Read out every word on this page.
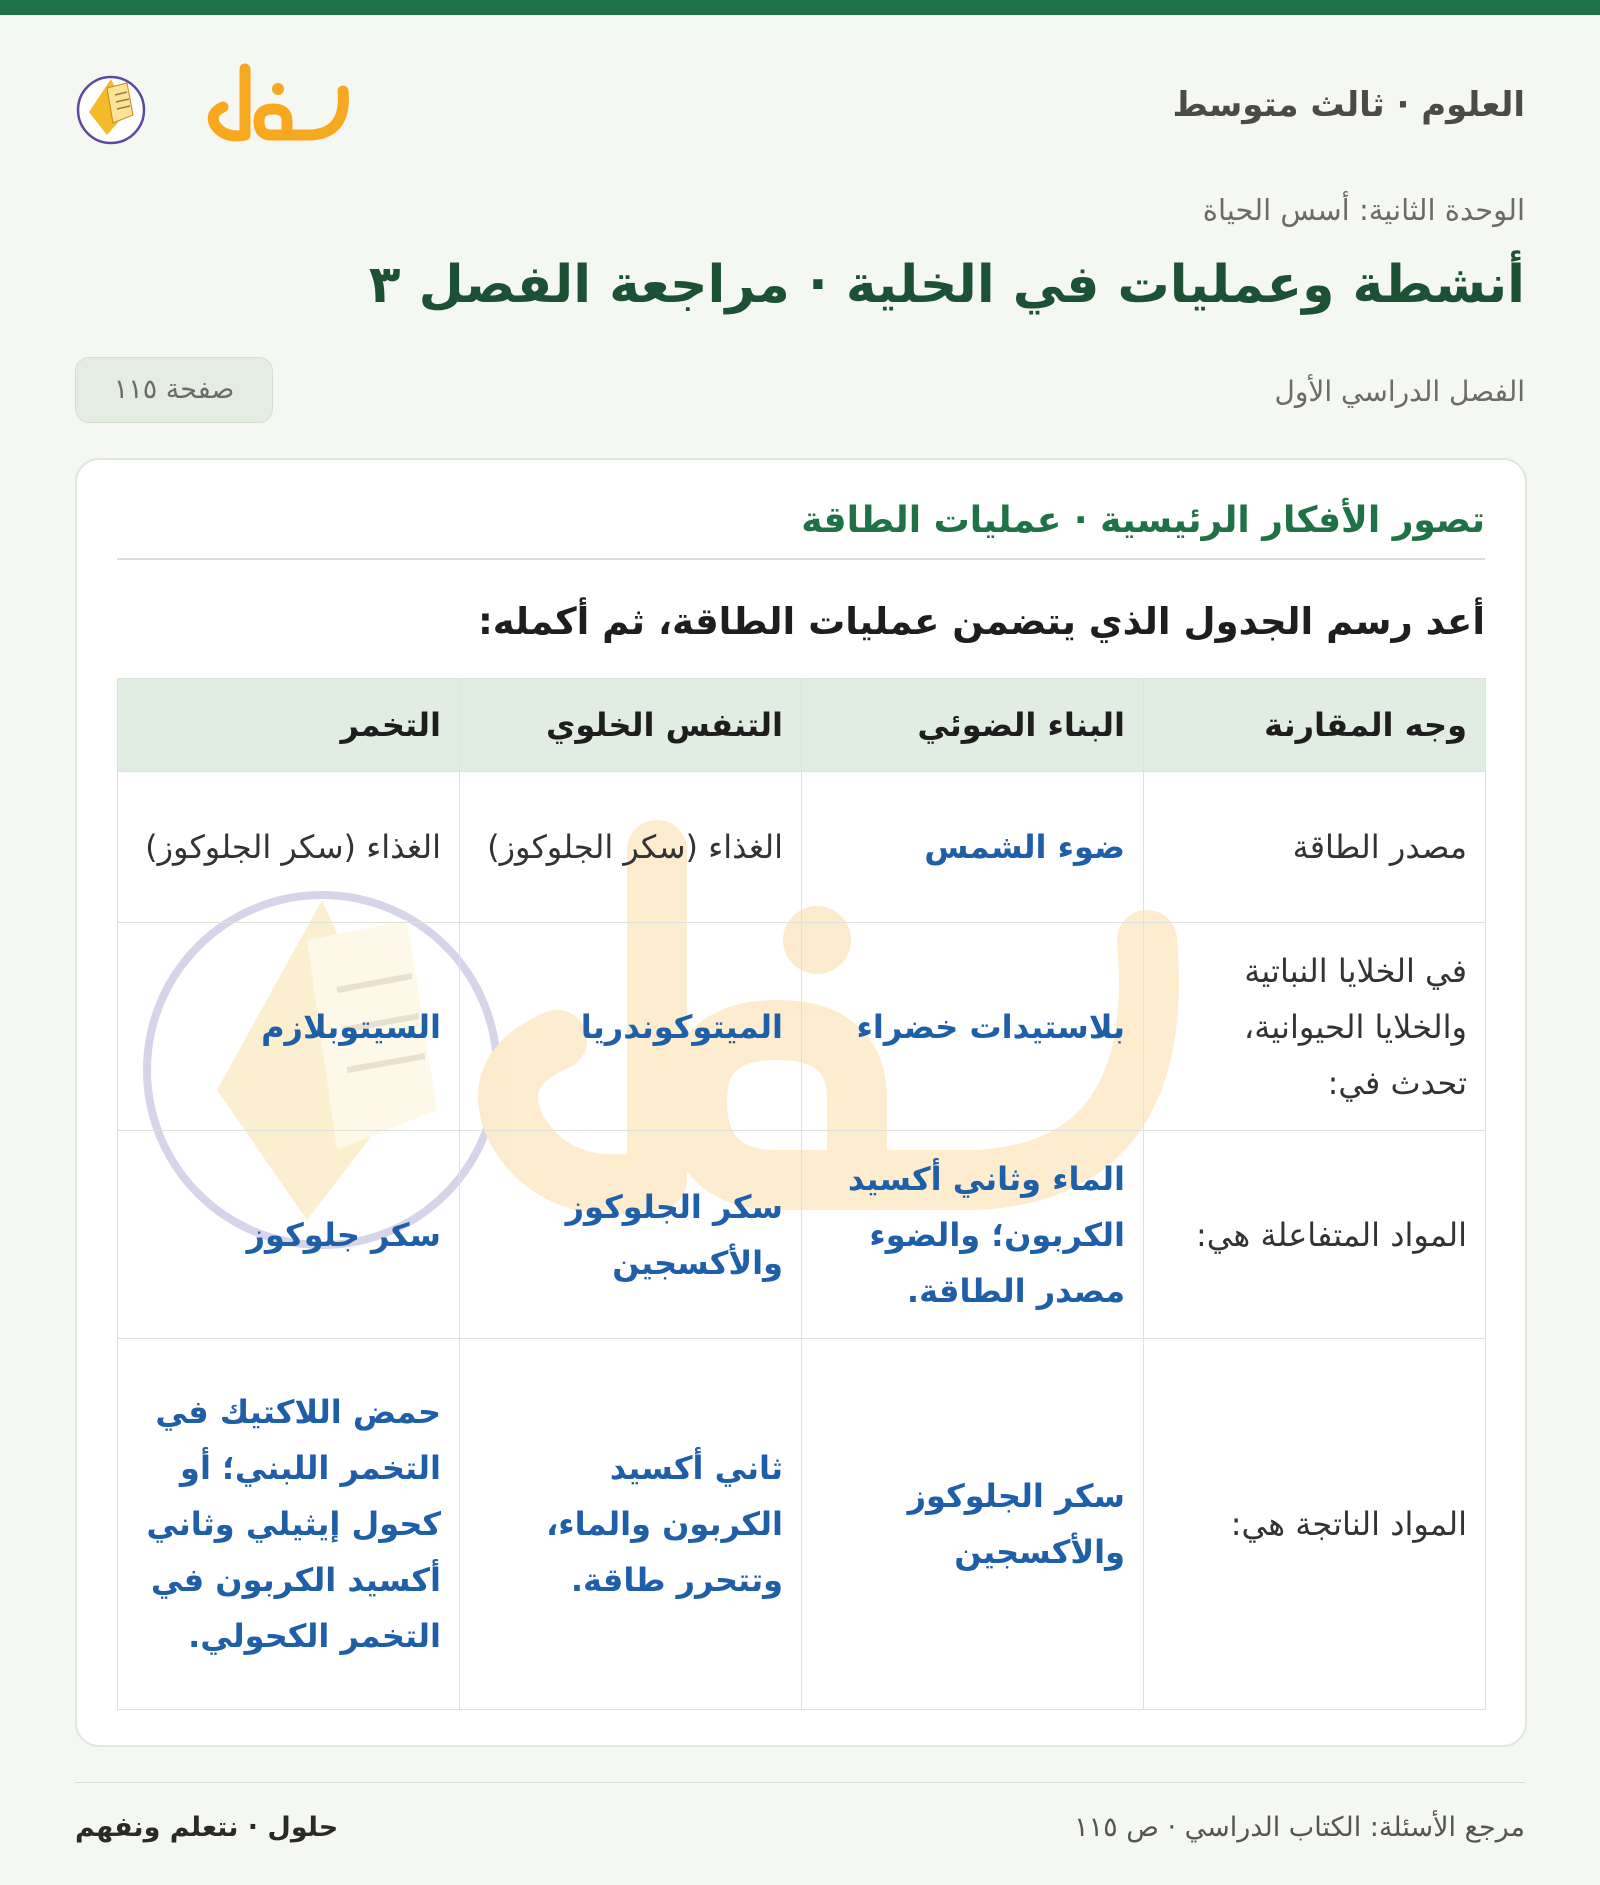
العلوم · ثالث متوسط
الوحدة الثانية: أسس الحياة
أنشطة وعمليات في الخلية · مراجعة الفصل ٣
الفصل الدراسي الأول
صفحة ١١٥
تصور الأفكار الرئيسية · عمليات الطاقة
أعد رسم الجدول الذي يتضمن عمليات الطاقة، ثم أكمله:
وجه المقارنة	البناء الضوئي	التنفس الخلوي	التخمر
مصدر الطاقة	ضوء الشمس	الغذاء (سكر الجلوكوز)	الغذاء (سكر الجلوكوز)
في الخلايا النباتية والخلايا الحيوانية، تحدث في:	بلاستيدات خضراء	الميتوكوندريا	السيتوبلازم
المواد المتفاعلة هي:	الماء وثاني أكسيد الكربون؛ والضوء مصدر الطاقة.	سكر الجلوكوز والأكسجين	سكر جلوكوز
المواد الناتجة هي:	سكر الجلوكوز والأكسجين	ثاني أكسيد الكربون والماء، وتتحرر طاقة.	حمض اللاكتيك في التخمر اللبني؛ أو كحول إيثيلي وثاني أكسيد الكربون في التخمر الكحولي.
مرجع الأسئلة: الكتاب الدراسي · ص ١١٥
حلول · نتعلم ونفهم
